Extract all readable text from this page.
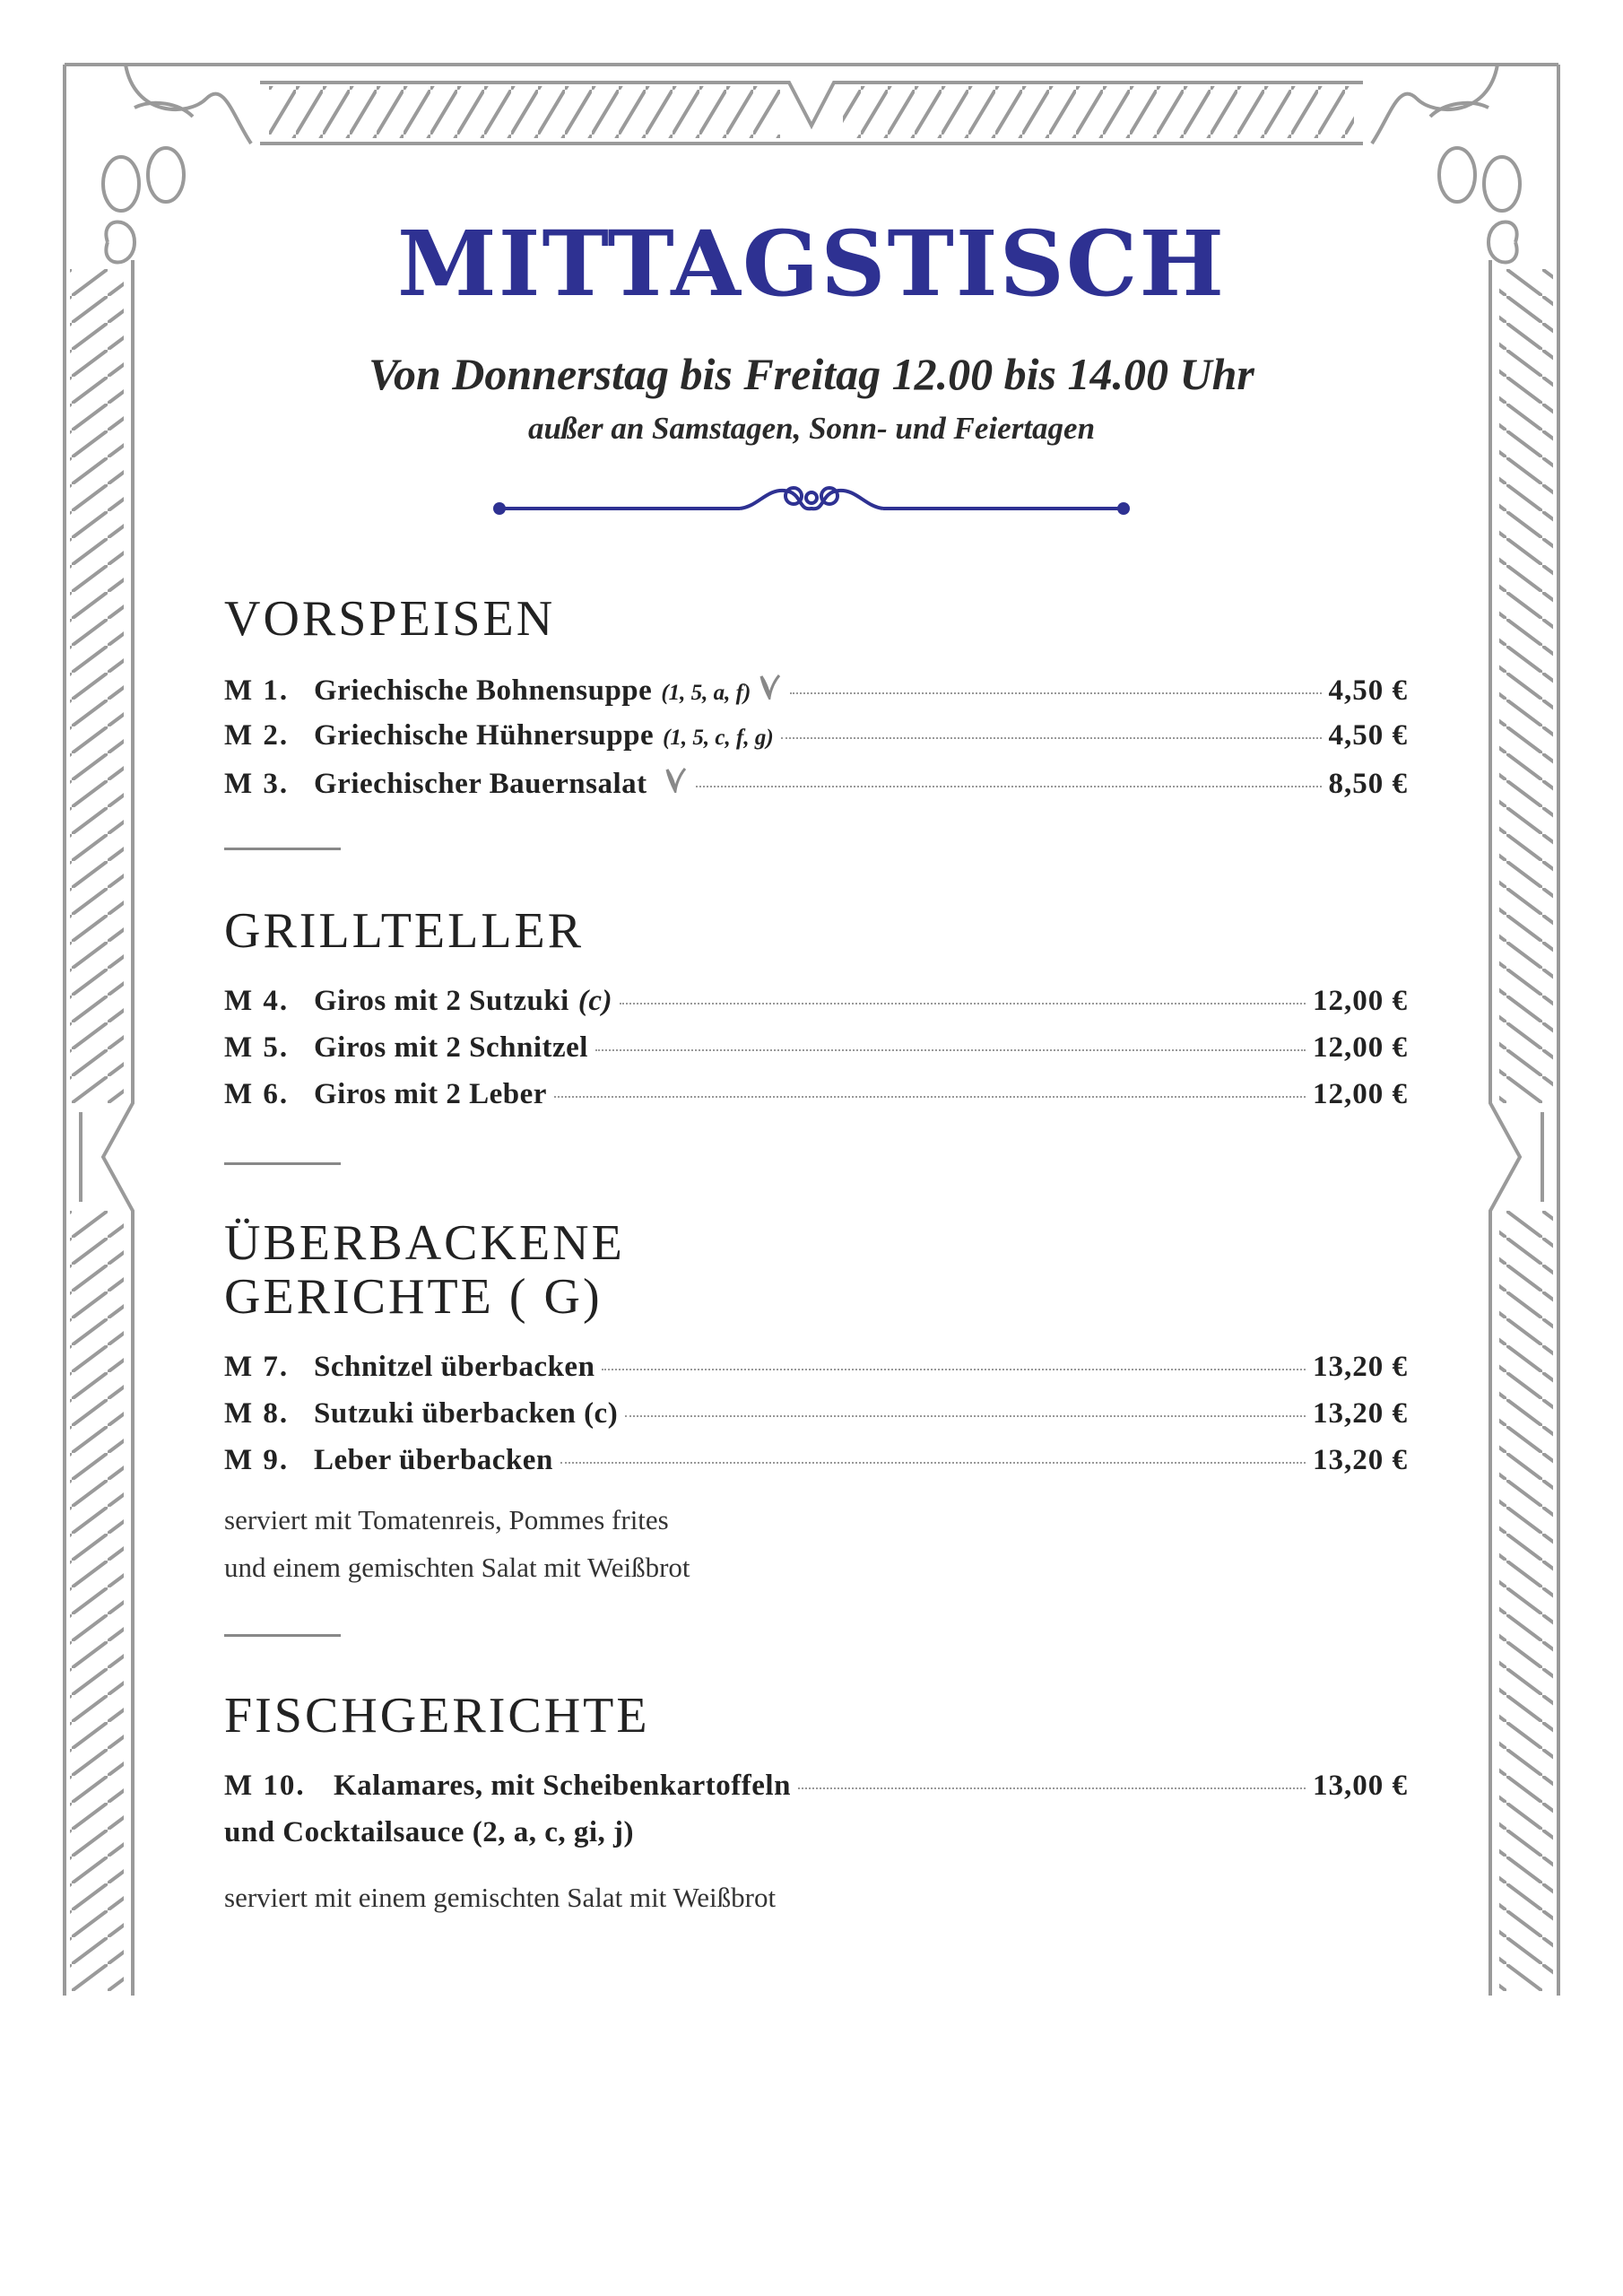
MITTAGSTISCH
Von Donnerstag bis Freitag 12.00 bis 14.00 Uhr
außer an Samstagen, Sonn- und Feiertagen
VORSPEISEN
M 1. Griechische Bohnensuppe (1, 5, a, f)	4,50 €
M 2. Griechische Hühnersuppe (1, 5, c, f, g)	4,50 €
M 3. Griechischer Bauernsalat	8,50 €
GRILLTELLER
M 4. Giros mit 2 Sutzuki (c)	12,00 €
M 5. Giros mit 2 Schnitzel	12,00 €
M 6. Giros mit 2 Leber	12,00 €
ÜBERBACKENE
GERICHTE ( G)
M 7. Schnitzel überbacken	13,20 €
M 8. Sutzuki überbacken (c)	13,20 €
M 9. Leber überbacken	13,20 €
serviert mit Tomatenreis, Pommes frites
und einem gemischten Salat mit Weißbrot
FISCHGERICHTE
M 10. Kalamares, mit Scheibenkartoffeln	13,00 €
und Cocktailsauce (2, a, c, gi, j)
serviert mit einem gemischten Salat mit Weißbrot
